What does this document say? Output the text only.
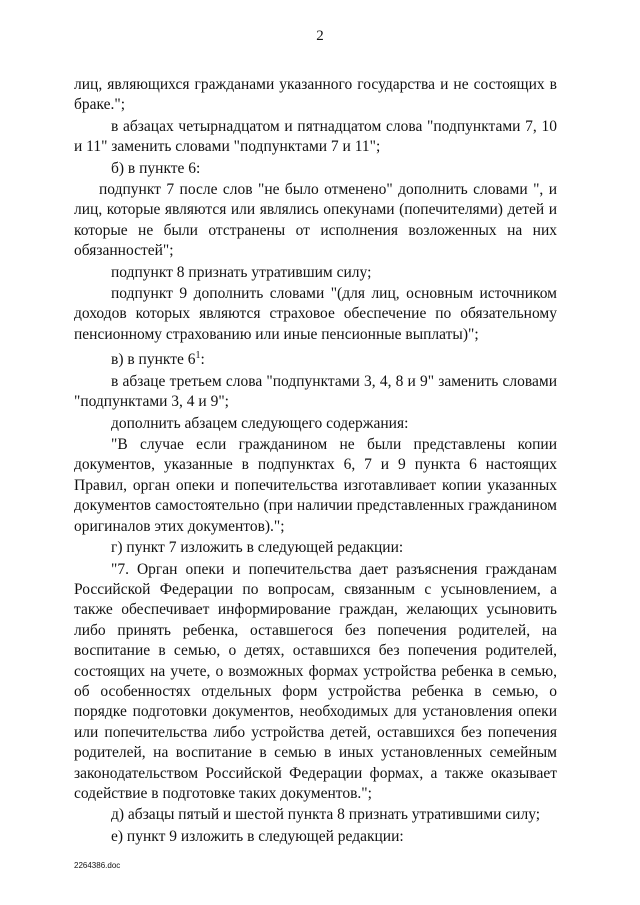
2

лиц, являющихся гражданами указанного государства и не состоящих в браке.";

в абзацах четырнадцатом и пятнадцатом слова "подпунктами 7, 10 и 11" заменить словами "подпунктами 7 и 11";

б) в пункте 6:

подпункт 7 после слов "не было отменено" дополнить словами ", и лиц, которые являются или являлись опекунами (попечителями) детей и которые не были отстранены от исполнения возложенных на них обязанностей";

подпункт 8 признать утратившим силу;

подпункт 9 дополнить словами "(для лиц, основным источником доходов которых являются страховое обеспечение по обязательному пенсионному страхованию или иные пенсионные выплаты)";

в) в пункте $6^1$:

в абзаце третьем слова "подпунктами 3, 4, 8 и 9" заменить словами "подпунктами 3, 4 и 9";

дополнить абзацем следующего содержания:

"В случае если гражданином не были представлены копии документов, указанные в подпунктах 6, 7 и 9 пункта 6 настоящих Правил, орган опеки и попечительства изготавливает копии указанных документов самостоятельно (при наличии представленных гражданином оригиналов этих документов).";

г) пункт 7 изложить в следующей редакции:

"7. Орган опеки и попечительства дает разъяснения гражданам Российской Федерации по вопросам, связанным с усыновлением, а также обеспечивает информирование граждан, желающих усыновить либо принять ребенка, оставшегося без попечения родителей, на воспитание в семью, о детях, оставшихся без попечения родителей, состоящих на учете, о возможных формах устройства ребенка в семью, об особенностях отдельных форм устройства ребенка в семью, о порядке подготовки документов, необходимых для установления опеки или попечительства либо устройства детей, оставшихся без попечения родителей, на воспитание в семью в иных установленных семейным законодательством Российской Федерации формах, а также оказывает содействие в подготовке таких документов.";

д) абзацы пятый и шестой пункта 8 признать утратившими силу;

е) пункт 9 изложить в следующей редакции:

2264386.doc
